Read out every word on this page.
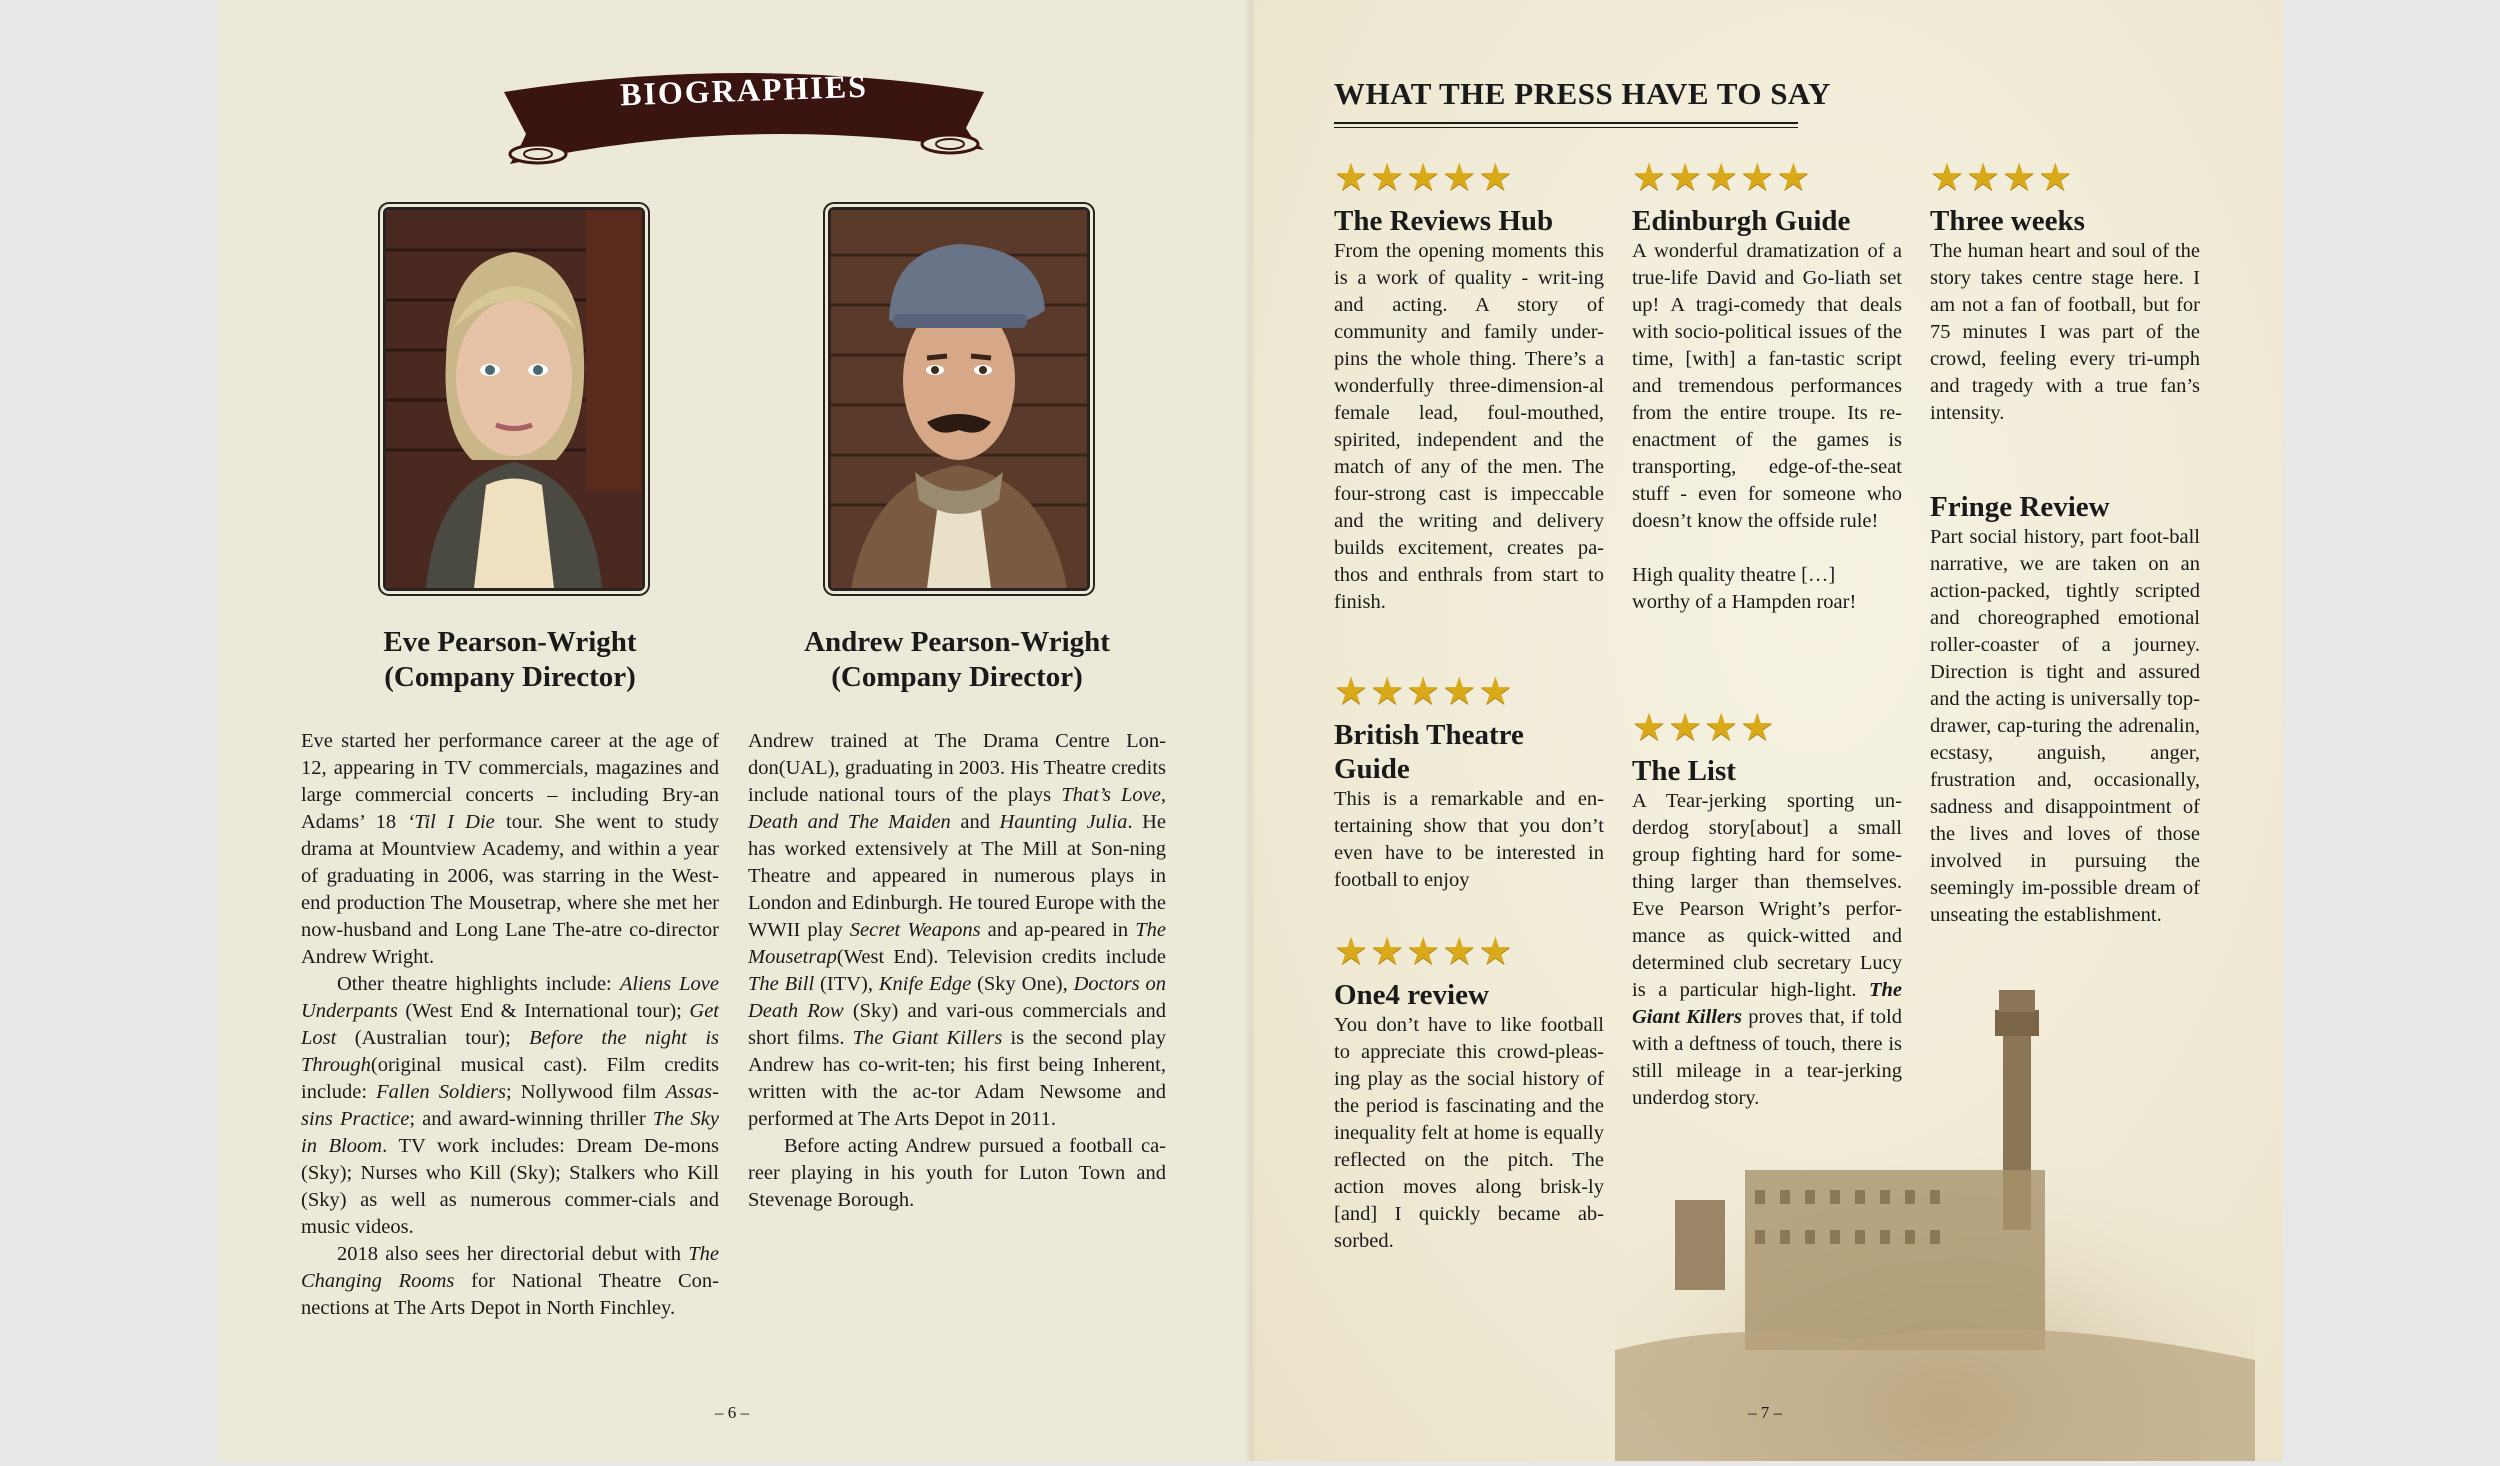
BIOGRAPHIES
Eve Pearson-Wright
(Company Director)
Andrew Pearson-Wright
(Company Director)

Eve started her performance career at the age of 12, appearing in TV commercials, magazines and large commercial concerts – including Bry-an Adams’ 18 ‘Til I Die tour. She went to study drama at Mountview Academy, and within a year of graduating in 2006, was starring in the West-end production The Mousetrap, where she met her now-husband and Long Lane The-atre co-director Andrew Wright.

Other theatre highlights include: Aliens Love Underpants (West End & International tour); Get Lost (Australian tour); Before the night is Through(original musical cast). Film credits include: Fallen Soldiers; Nollywood film Assas-sins Practice; and award-winning thriller The Sky in Bloom. TV work includes: Dream De-mons (Sky); Nurses who Kill (Sky); Stalkers who Kill (Sky) as well as numerous commer-cials and music videos.

2018 also sees her directorial debut with The Changing Rooms for National Theatre Con-nections at The Arts Depot in North Finchley.

Andrew trained at The Drama Centre Lon-don(UAL), graduating in 2003. His Theatre credits include national tours of the plays That’s Love, Death and The Maiden and Haunting Julia. He has worked extensively at The Mill at Son-ning Theatre and appeared in numerous plays in London and Edinburgh. He toured Europe with the WWII play Secret Weapons and ap-peared in The Mousetrap(West End). Television credits include The Bill (ITV), Knife Edge (Sky One), Doctors on Death Row (Sky) and vari-ous commercials and short films. The Giant Killers is the second play Andrew has co-writ-ten; his first being Inherent, written with the ac-tor Adam Newsome and performed at The Arts Depot in 2011.

Before acting Andrew pursued a football ca-reer playing in his youth for Luton Town and Stevenage Borough.

– 6 –
WHAT THE PRESS HAVE TO SAY
★★★★★
The Reviews Hub

From the opening moments this is a work of quality - writ-ing and acting. A story of community and family under-pins the whole thing. There’s a wonderfully three-dimension-al female lead, foul-mouthed, spirited, independent and the match of any of the men. The four-strong cast is impeccable and the writing and delivery builds excitement, creates pa-thos and enthrals from start to finish.

★★★★★
Edinburgh Guide

A wonderful dramatization of a true-life David and Go-liath set up! A tragi-comedy that deals with socio-political issues of the time, [with] a fan-tastic script and tremendous performances from the entire troupe. Its re-enactment of the games is transporting, edge-of-the-seat stuff - even for someone who doesn’t know the offside rule!

High quality theatre […]
worthy of a Hampden roar!

★★★★
Three weeks

The human heart and soul of the story takes centre stage here. I am not a fan of football, but for 75 minutes I was part of the crowd, feeling every tri-umph and tragedy with a true fan’s intensity.

★★★★★
British Theatre Guide

This is a remarkable and en-tertaining show that you don’t even have to be interested in football to enjoy

★★★★
The List

A Tear-jerking sporting un-derdog story[about] a small group fighting hard for some-thing larger than themselves. Eve Pearson Wright’s perfor-mance as quick-witted and determined club secretary Lucy is a particular high-light. The Giant Killers proves that, if told with a deftness of touch, there is still mileage in a tear-jerking underdog story.

Fringe Review

Part social history, part foot-ball narrative, we are taken on an action-packed, tightly scripted and choreographed emotional roller-coaster of a journey. Direction is tight and assured and the acting is universally top-drawer, cap-turing the adrenalin, ecstasy, anguish, anger, frustration and, occasionally, sadness and disappointment of the lives and loves of those involved in pursuing the seemingly im-possible dream of unseating the establishment.

★★★★★
One4 review

You don’t have to like football to appreciate this crowd-pleas-ing play as the social history of the period is fascinating and the inequality felt at home is equally reflected on the pitch. The action moves along brisk-ly [and] I quickly became ab-sorbed.

– 7 –
